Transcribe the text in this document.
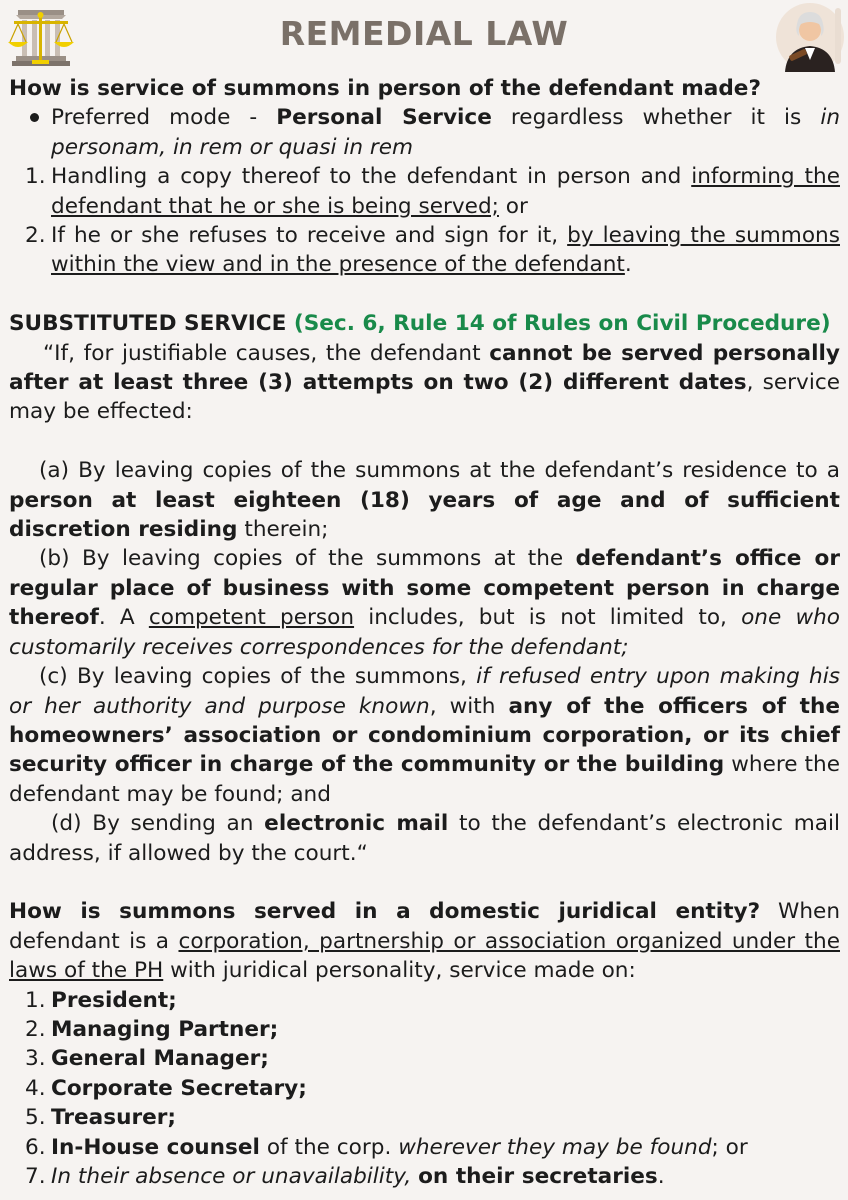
REMEDIAL LAW

How is service of summons in person of the defendant made?

Preferred mode - Personal Service regardless whether it is in personam, in rem or quasi in rem

1. Handling a copy thereof to the defendant in person and informing the defendant that he or she is being served; or

2. If he or she refuses to receive and sign for it, by leaving the summons within the view and in the presence of the defendant.

SUBSTITUTED SERVICE (Sec. 6, Rule 14 of Rules on Civil Procedure)

“If, for justifiable causes, the defendant cannot be served personally after at least three (3) attempts on two (2) different dates, service may be effected:

(a) By leaving copies of the summons at the defendant’s residence to a person at least eighteen (18) years of age and of sufficient discretion residing therein;

(b) By leaving copies of the summons at the defendant’s office or regular place of business with some competent person in charge thereof. A competent person includes, but is not limited to, one who customarily receives correspondences for the defendant;

(c) By leaving copies of the summons, if refused entry upon making his or her authority and purpose known, with any of the officers of the homeowners’ association or condominium corporation, or its chief security officer in charge of the community or the building where the defendant may be found; and

(d) By sending an electronic mail to the defendant’s electronic mail address, if allowed by the court.“

How is summons served in a domestic juridical entity? When defendant is a corporation, partnership or association organized under the laws of the PH with juridical personality, service made on:

1. President;

2. Managing Partner;

3. General Manager;

4. Corporate Secretary;

5. Treasurer;

6. In-House counsel of the corp. wherever they may be found; or

7. In their absence or unavailability, on their secretaries.
